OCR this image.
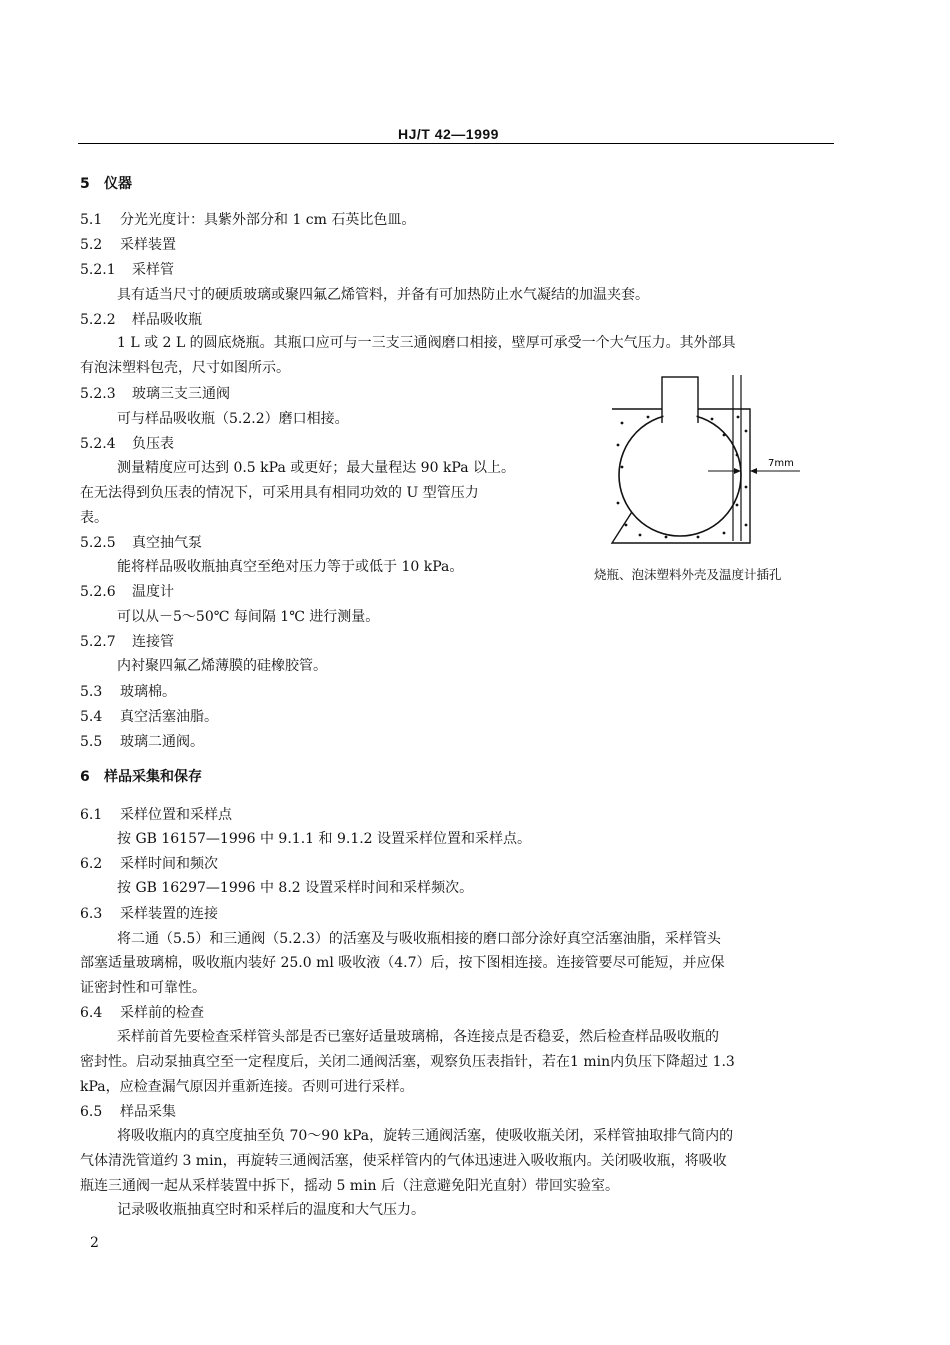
HJ/T 42—1999
5 仪器
5.1 分光光度计：具紫外部分和 1 cm 石英比色皿。
5.2 采样装置
5.2.1 采样管
具有适当尺寸的硬质玻璃或聚四氟乙烯管料，并备有可加热防止水气凝结的加温夹套。
5.2.2 样品吸收瓶
1 L 或 2 L 的圆底烧瓶。其瓶口应可与一三支三通阀磨口相接，壁厚可承受一个大气压力。其外部具
有泡沫塑料包壳，尺寸如图所示。
5.2.3 玻璃三支三通阀
可与样品吸收瓶（5.2.2）磨口相接。
5.2.4 负压表
测量精度应可达到 0.5 kPa 或更好；最大量程达 90 kPa 以上。
在无法得到负压表的情况下，可采用具有相同功效的 U 型管压力
表。
5.2.5 真空抽气泵
能将样品吸收瓶抽真空至绝对压力等于或低于 10 kPa。
5.2.6 温度计
可以从－5～50℃ 每间隔 1℃ 进行测量。
5.2.7 连接管
内衬聚四氟乙烯薄膜的硅橡胶管。
5.3 玻璃棉。
5.4 真空活塞油脂。
5.5 玻璃二通阀。
6 样品采集和保存
6.1 采样位置和采样点
按 GB 16157—1996 中 9.1.1 和 9.1.2 设置采样位置和采样点。
6.2 采样时间和频次
按 GB 16297—1996 中 8.2 设置采样时间和采样频次。
6.3 采样装置的连接
将二通（5.5）和三通阀（5.2.3）的活塞及与吸收瓶相接的磨口部分涂好真空活塞油脂，采样管头
部塞适量玻璃棉，吸收瓶内装好 25.0 ml 吸收液（4.7）后，按下图相连接。连接管要尽可能短，并应保
证密封性和可靠性。
6.4 采样前的检查
采样前首先要检查采样管头部是否已塞好适量玻璃棉，各连接点是否稳妥，然后检查样品吸收瓶的
密封性。启动泵抽真空至一定程度后，关闭二通阀活塞，观察负压表指针，若在1 min内负压下降超过 1.3
kPa，应检查漏气原因并重新连接。否则可进行采样。
6.5 样品采集
将吸收瓶内的真空度抽至负 70～90 kPa，旋转三通阀活塞，使吸收瓶关闭，采样管抽取排气筒内的
气体清洗管道约 3 min，再旋转三通阀活塞，使采样管内的气体迅速进入吸收瓶内。关闭吸收瓶，将吸收
瓶连三通阀一起从采样装置中拆下，摇动 5 min 后（注意避免阳光直射）带回实验室。
记录吸收瓶抽真空时和采样后的温度和大气压力。
7mm
烧瓶、泡沫塑料外壳及温度计插孔
2
